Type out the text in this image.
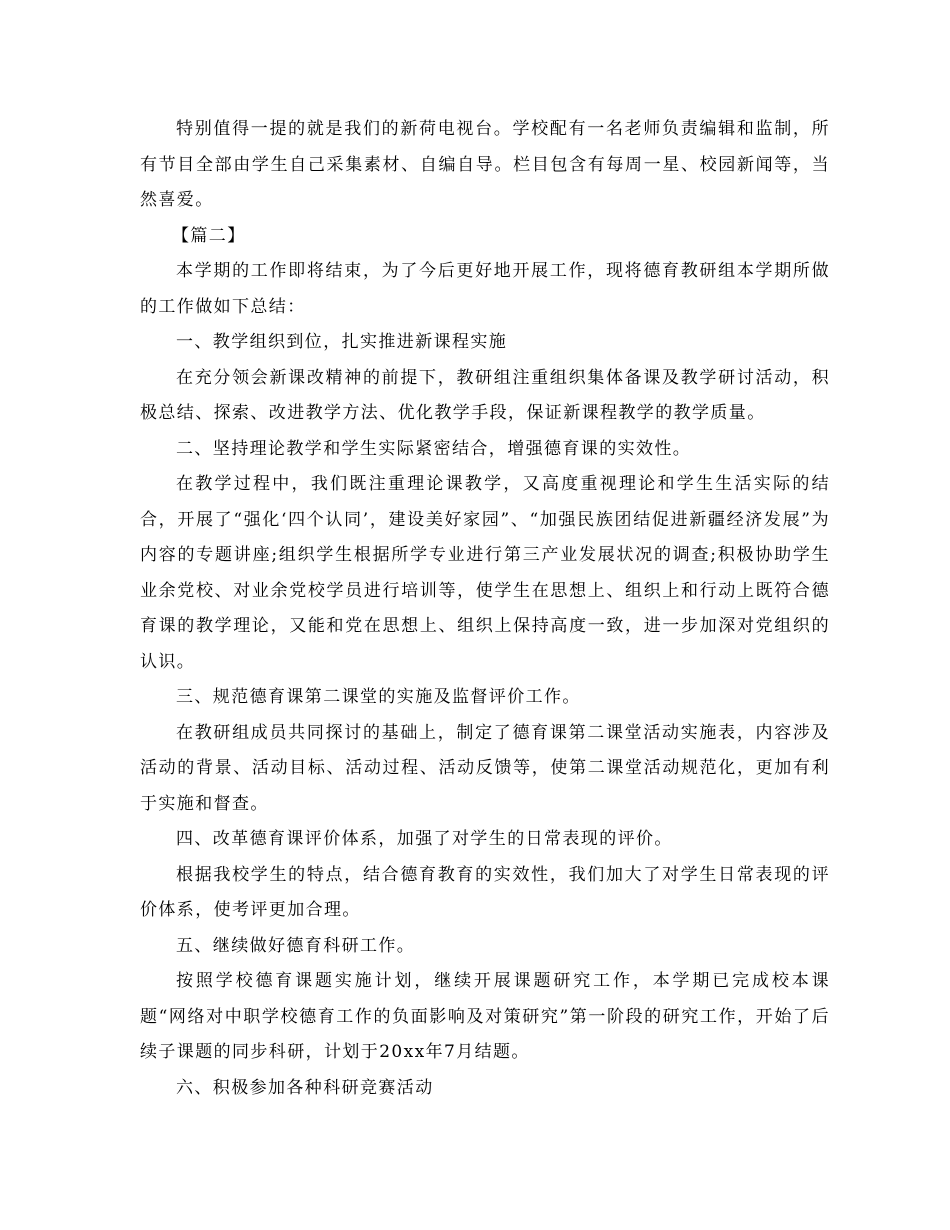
特别值得一提的就是我们的新荷电视台。学校配有一名老师负责编辑和监制，所有节目全部由学生自己采集素材、自编自导。栏目包含有每周一星、校园新闻等，当然喜爱。

【篇二】

本学期的工作即将结束，为了今后更好地开展工作，现将德育教研组本学期所做的工作做如下总结：

一、教学组织到位，扎实推进新课程实施

在充分领会新课改精神的前提下，教研组注重组织集体备课及教学研讨活动，积极总结、探索、改进教学方法、优化教学手段，保证新课程教学的教学质量。

二、坚持理论教学和学生实际紧密结合，增强德育课的实效性。

在教学过程中，我们既注重理论课教学，又高度重视理论和学生生活实际的结合，开展了“强化‘四个认同’，建设美好家园”、“加强民族团结促进新疆经济发展”为内容的专题讲座;组织学生根据所学专业进行第三产业发展状况的调查;积极协助学生业余党校、对业余党校学员进行培训等，使学生在思想上、组织上和行动上既符合德育课的教学理论，又能和党在思想上、组织上保持高度一致，进一步加深对党组织的认识。

三、规范德育课第二课堂的实施及监督评价工作。

在教研组成员共同探讨的基础上，制定了德育课第二课堂活动实施表，内容涉及活动的背景、活动目标、活动过程、活动反馈等，使第二课堂活动规范化，更加有利于实施和督查。

四、改革德育课评价体系，加强了对学生的日常表现的评价。

根据我校学生的特点，结合德育教育的实效性，我们加大了对学生日常表现的评价体系，使考评更加合理。

五、继续做好德育科研工作。

按照学校德育课题实施计划，继续开展课题研究工作，本学期已完成校本课题“网络对中职学校德育工作的负面影响及对策研究”第一阶段的研究工作，开始了后续子课题的同步科研，计划于20xx年7月结题。

六、积极参加各种科研竞赛活动
